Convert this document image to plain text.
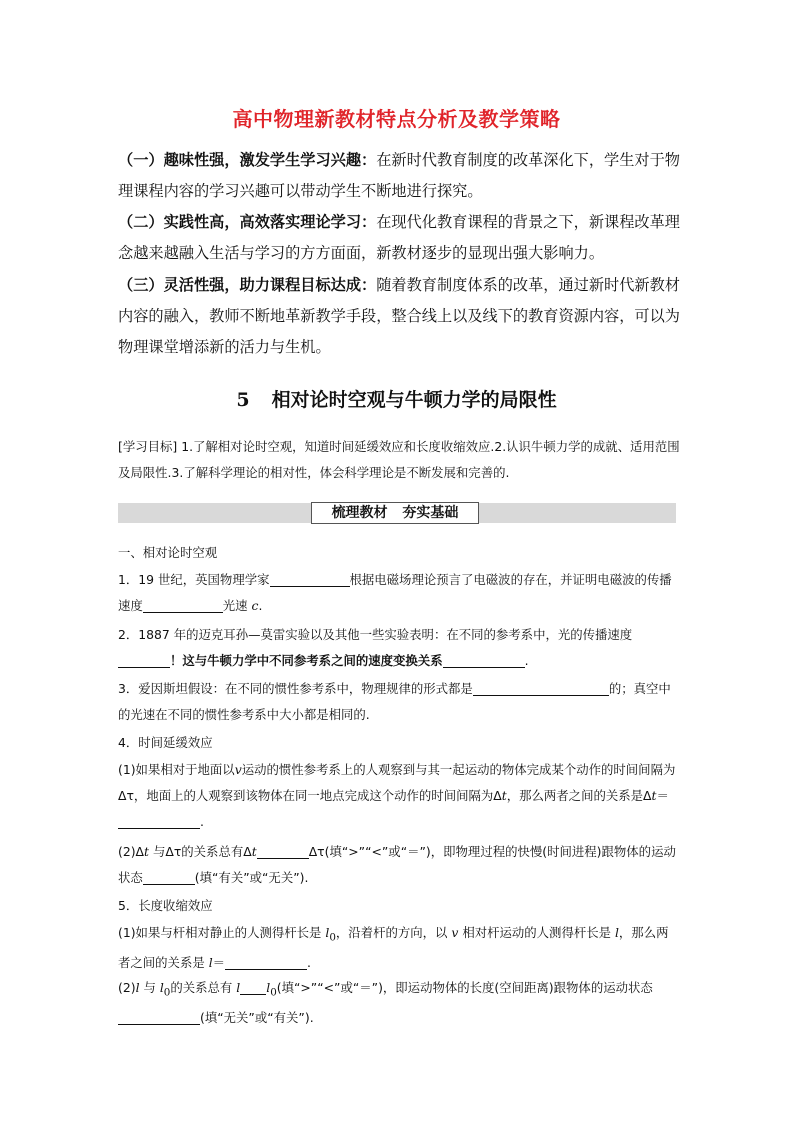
高中物理新教材特点分析及教学策略

（一）趣味性强，激发学生学习兴趣：在新时代教育制度的改革深化下，学生对于物理课程内容的学习兴趣可以带动学生不断地进行探究。

（二）实践性高，高效落实理论学习：在现代化教育课程的背景之下，新课程改革理念越来越融入生活与学习的方方面面，新教材逐步的显现出强大影响力。

（三）灵活性强，助力课程目标达成：随着教育制度体系的改革，通过新时代新教材内容的融入，教师不断地革新教学手段，整合线上以及线下的教育资源内容，可以为物理课堂增添新的活力与生机。

5 相对论时空观与牛顿力学的局限性

[学习目标] 1.了解相对论时空观，知道时间延缓效应和长度收缩效应.2.认识牛顿力学的成就、适用范围及局限性.3.了解科学理论的相对性，体会科学理论是不断发展和完善的.

梳理教材 夯实基础

一、相对论时空观

1．19 世纪，英国物理学家	根据电磁场理论预言了电磁波的存在，并证明电磁波的传播速度	光速 c.

2．1887 年的迈克耳孙—莫雷实验以及其他一些实验表明：在不同的参考系中，光的传播速度！这与牛顿力学中不同参考系之间的速度变换关系	.

3．爱因斯坦假设：在不同的惯性参考系中，物理规律的形式都是	的；真空中的光速在不同的惯性参考系中大小都是相同的.

4．时间延缓效应

(1)如果相对于地面以v运动的惯性参考系上的人观察到与其一起运动的物体完成某个动作的时间间隔为Δτ，地面上的人观察到该物体在同一地点完成这个动作的时间间隔为Δt，那么两者之间的关系是Δt＝.

(2)Δt 与Δτ的关系总有Δt	Δτ(填“>”“<”或“＝”)，即物理过程的快慢(时间进程)跟物体的运动状态	(填“有关”或“无关”).

5．长度收缩效应

(1)如果与杆相对静止的人测得杆长是 $l_0$，沿着杆的方向，以 v 相对杆运动的人测得杆长是 l，那么两者之间的关系是 l＝	.

(2)l 与 $l_0$的关系总有 l $l_0$(填“>”“<”或“＝”)，即运动物体的长度(空间距离)跟物体的运动状态(填“无关”或“有关”).
